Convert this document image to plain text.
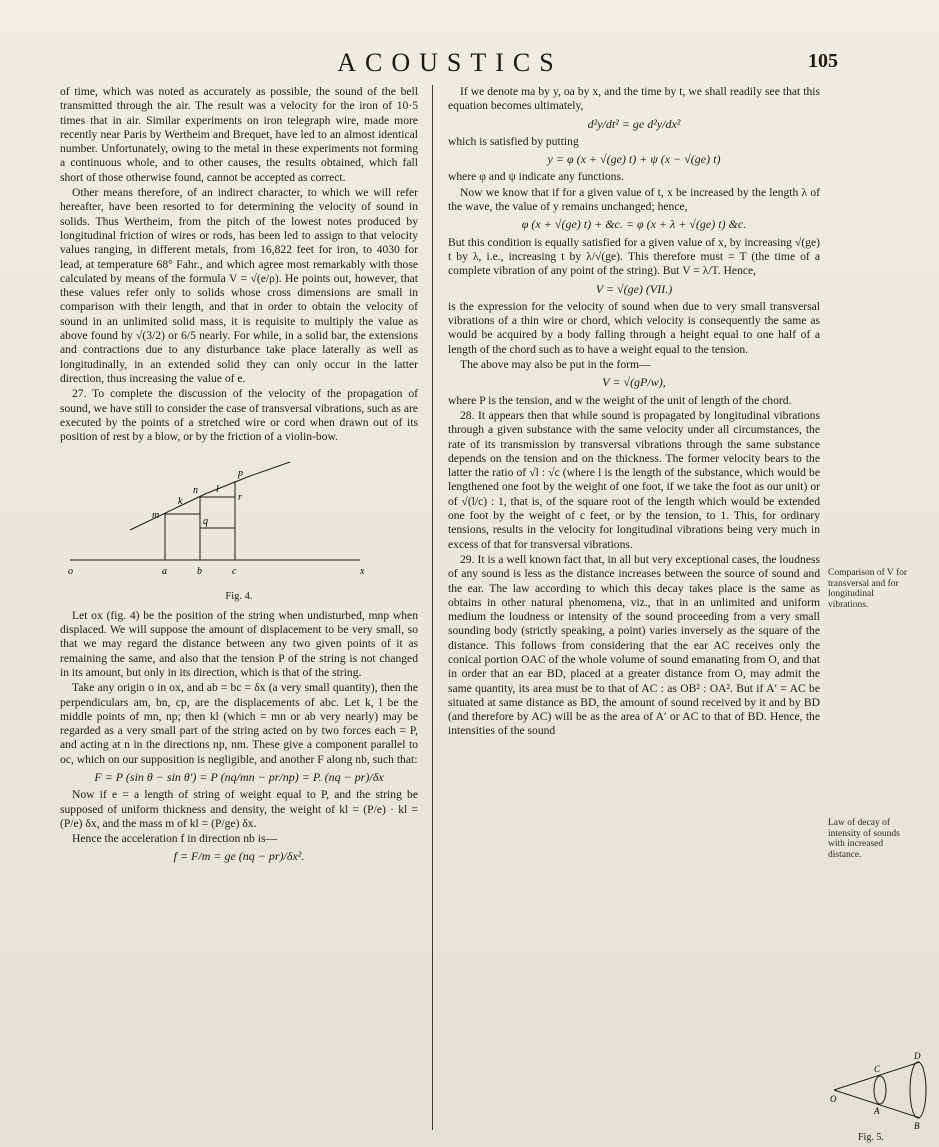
ACOUSTICS	105

of time, which was noted as accurately as possible, the sound of the bell transmitted through the air. The result was a velocity for the iron of 10·5 times that in air. Similar experiments on iron telegraph wire, made more recently near Paris by Wertheim and Brequet, have led to an almost identical number. Unfortunately, owing to the metal in these experiments not forming a continuous whole, and to other causes, the results obtained, which fall short of those otherwise found, cannot be accepted as correct.

Other means therefore, of an indirect character, to which we will refer hereafter, have been resorted to for determining the velocity of sound in solids. Thus Wertheim, from the pitch of the lowest notes produced by longitudinal friction of wires or rods, has been led to assign to that velocity values ranging, in different metals, from 16,822 feet for iron, to 4030 for lead, at temperature 68° Fahr., and which agree most remarkably with those calculated by means of the formula V = √(e/ρ). He points out, however, that these values refer only to solids whose cross dimensions are small in comparison with their length, and that in order to obtain the velocity of sound in an unlimited solid mass, it is requisite to multiply the value as above found by √(3/2) or 6/5 nearly. For while, in a solid bar, the extensions and contractions due to any disturbance take place laterally as well as longitudinally, in an extended solid they can only occur in the latter direction, thus increasing the value of e.

27. To complete the discussion of the velocity of the propagation of sound, we have still to consider the case of transversal vibrations, such as are executed by the points of a stretched wire or cord when drawn out of its position of rest by a blow, or by the friction of a violin-bow.

o
m
n
p
q
r
a	b	c	x
k
l
Fig. 4.

Let ox (fig. 4) be the position of the string when undisturbed, mnp when displaced. We will suppose the amount of displacement to be very small, so that we may regard the distance between any two given points of it as remaining the same, and also that the tension P of the string is not changed in its amount, but only in its direction, which is that of the string.

Take any origin o in ox, and ab = bc = δx (a very small quantity), then the perpendiculars am, bn, cp, are the displacements of abc. Let k, l be the middle points of mn, np; then kl (which = mn or ab very nearly) may be regarded as a very small part of the string acted on by two forces each = P, and acting at n in the directions np, nm. These give a component parallel to oc, which on our supposition is negligible, and another F along nb, such that:

F = P (sin θ − sin θ′) = P (nq/mn − pr/np) = P. (nq − pr)/δx

Now if e = a length of string of weight equal to P, and the string be supposed of uniform thickness and density, the weight of kl = (P/e) · kl = (P/e) δx, and the mass m of kl = (P/ge) δx.

Hence the acceleration f in direction nb is—

f = F/m = ge (nq − pr)/δx².

If we denote ma by y, oa by x, and the time by t, we shall readily see that this equation becomes ultimately,

d²y/dt² = ge d²y/dx²

which is satisfied by putting

y = φ (x + √(ge) t) + ψ (x − √(ge) t)

where φ and ψ indicate any functions.

Now we know that if for a given value of t, x be increased by the length λ of the wave, the value of y remains unchanged; hence,

φ (x + √(ge) t) + &c. = φ (x + λ + √(ge) t) &c.

But this condition is equally satisfied for a given value of x, by increasing √(ge) t by λ, i.e., increasing t by λ/√(ge). This therefore must = T (the time of a complete vibration of any point of the string). But V = λ/T. Hence,

V = √(ge) (VII.)

is the expression for the velocity of sound when due to very small transversal vibrations of a thin wire or chord, which velocity is consequently the same as would be acquired by a body falling through a height equal to one half of a length of the chord such as to have a weight equal to the tension.

The above may also be put in the form—

V = √(gP/w),

where P is the tension, and w the weight of the unit of length of the chord.

28. It appears then that while sound is propagated by longitudinal vibrations through a given substance with the same velocity under all circumstances, the rate of its transmission by transversal vibrations through the same substance depends on the tension and on the thickness. The former velocity bears to the latter the ratio of √l : √c (where l is the length of the substance, which would be lengthened one foot by the weight of one foot, if we take the foot as our unit) or of √(l/c) : 1, that is, of the square root of the length which would be extended one foot by the weight of c feet, or by the tension, to 1. This, for ordinary tensions, results in the velocity for longitudinal vibrations being very much in excess of that for transversal vibrations.

29. It is a well known fact that, in all but very exceptional cases, the loudness of any sound is less as the distance increases between the source of sound and the ear. The law according to which this decay takes place is the same as obtains in other natural phenomena, viz., that in an unlimited and uniform medium the loudness or intensity of the sound proceeding from a very small sounding body (strictly speaking, a point) varies inversely as the square of the distance. This follows from considering that the ear AC receives only the conical portion OAC of the whole volume of sound emanating from O, and that in order that an ear BD, placed at a greater distance from O, may admit the same quantity, its area must be to that of AC : as OB² : OA². But if A′ = AC be situated at same distance as BD, the amount of sound received by it and by BD (and therefore by AC) will be as the area of A′ or AC to that of BD. Hence, the intensities of the sound

Comparison of V for transversal and for longitudinal vibrations.
Law of decay of intensity of sounds with increased distance.
O
C
A
D
B
Fig. 5.
